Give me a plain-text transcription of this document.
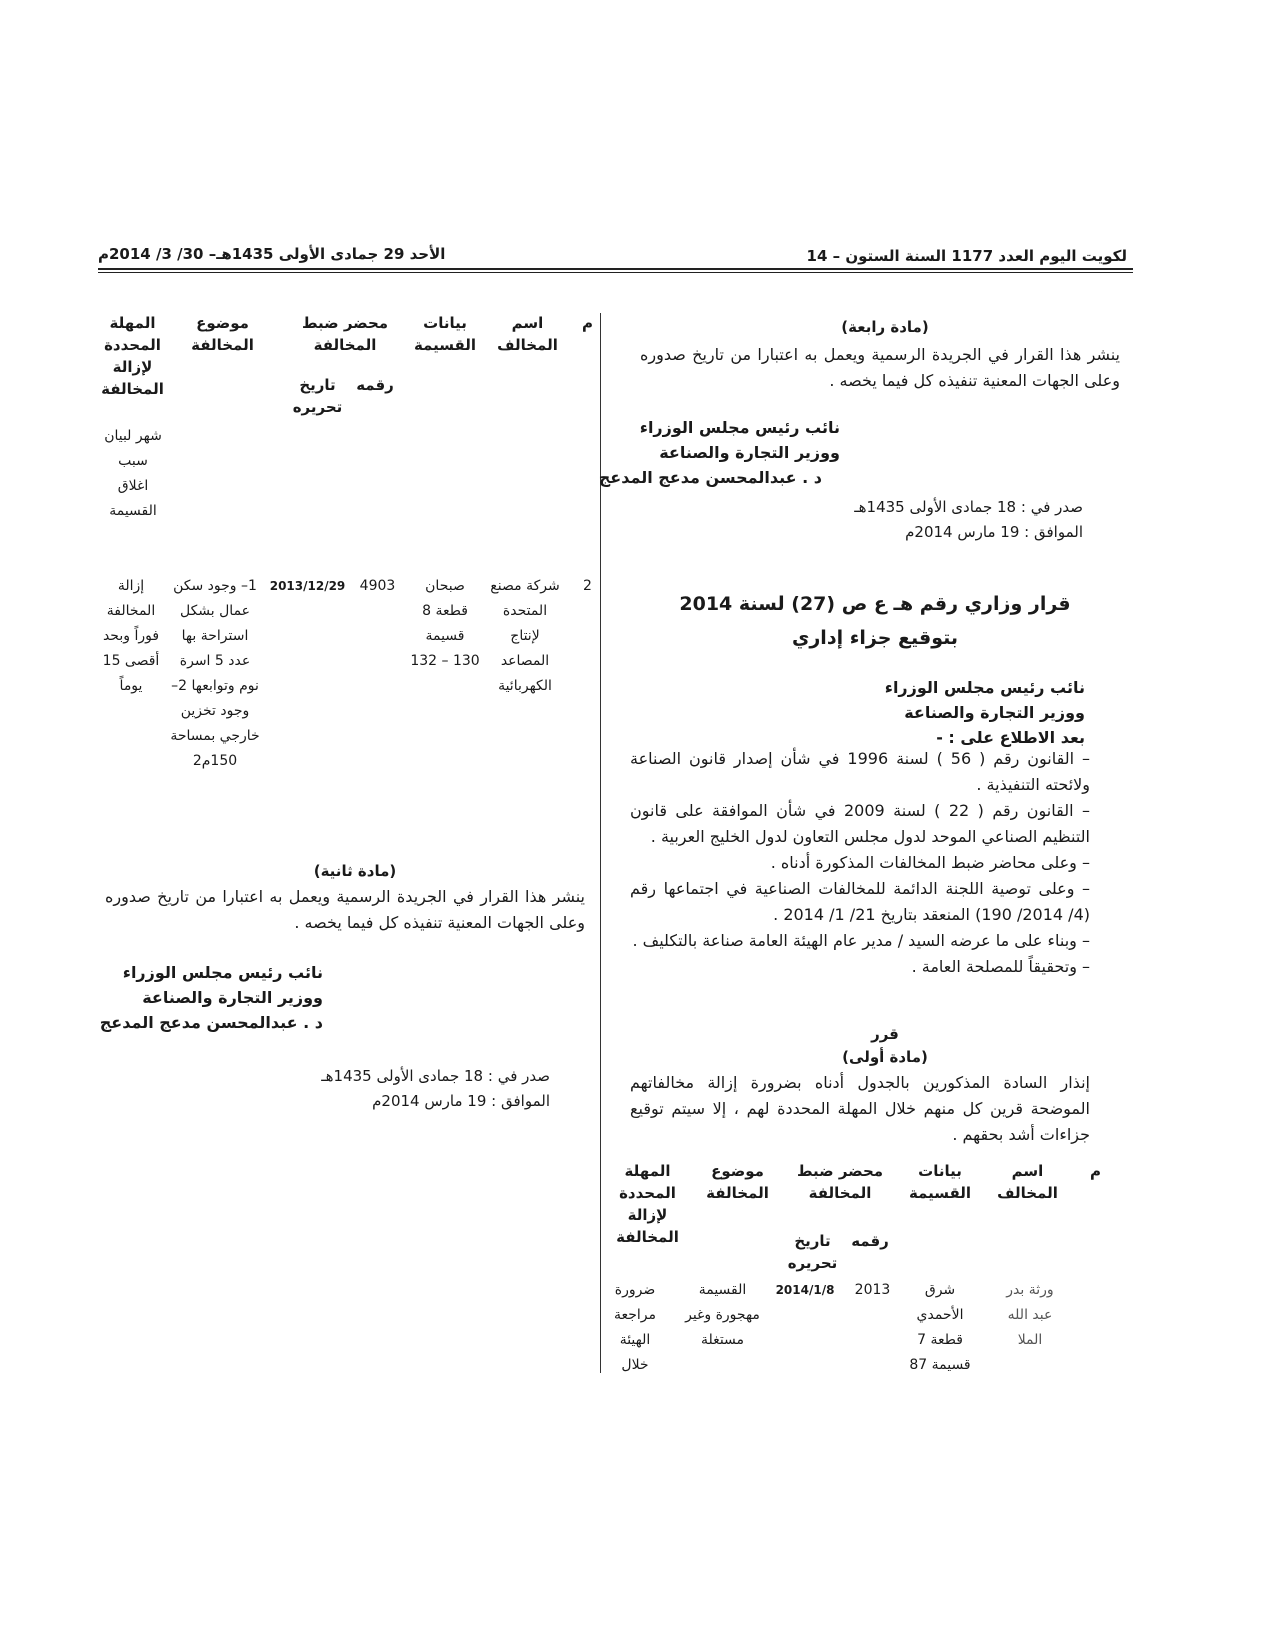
لكويت اليوم العدد 1177 السنة الستون – 14
الأحد 29 جمادى الأولى 1435هـ– 30/ 3/ 2014م
(مادة رابعة)
ينشر هذا القرار في الجريدة الرسمية ويعمل به اعتبارا من تاريخ صدوره وعلى الجهات المعنية تنفيذه كل فيما يخصه .
نائب رئيس مجلس الوزراء
ووزير التجارة والصناعة
د . عبدالمحسن مدعج المدعج
صدر في : 18 جمادى الأولى 1435هـ
الموافق : 19 مارس 2014م
قرار وزاري رقم هـ ع ص (27) لسنة 2014
بتوقيع جزاء إداري
نائب رئيس مجلس الوزراء
ووزير التجارة والصناعة
بعد الاطلاع على : -
– القانون رقم ( 56 ) لسنة 1996 في شأن إصدار قانون الصناعة ولائحته التنفيذية .
– القانون رقم ( 22 ) لسنة 2009 في شأن الموافقة على قانون التنظيم الصناعي الموحد لدول مجلس التعاون لدول الخليج العربية .
– وعلى محاضر ضبط المخالفات المذكورة أدناه .
– وعلى توصية اللجنة الدائمة للمخالفات الصناعية في اجتماعها رقم (4/ 2014/ 190) المنعقد بتاريخ 21/ 1/ 2014 .
– وبناء على ما عرضه السيد / مدير عام الهيئة العامة صناعة بالتكليف .
– وتحقيقاً للمصلحة العامة .
قرر
(مادة أولى)
إنذار السادة المذكورين بالجدول أدناه بضرورة إزالة مخالفاتهم الموضحة قرين كل منهم خلال المهلة المحددة لهم ، إلا سيتم توقيع جزاءات أشد بحقهم .
م
اسم المخالف
بيانات القسيمة
محضر ضبط المخالفة
موضوع المخالفة
المهلة المحددة لإزالة المخالفة	رقمه
تاريخ تحريره
ورثة بدر عبد الله الملا
شرق الأحمدي قطعة 7 قسيمة 87
2013
2014/1/8
القسيمة مهجورة وغير مستغلة
ضرورة مراجعة الهيئة خلال
م
اسم المخالف
بيانات القسيمة
محضر ضبط المخالفة
موضوع المخالفة
المهلة المحددة لإزالة المخالفة	رقمه
تاريخ تحريره
شهر لبيان سبب اغلاق القسيمة
2
شركة مصنع المتحدة لإنتاج المصاعد الكهربائية
صبحان قطعة 8 قسيمة 130 – 132
4903
2013/12/29
1– وجود سكن عمال بشكل استراحة بها عدد 5 اسرة نوم وتوابعها 2– وجود تخزين خارجي بمساحة 150م2
إزالة المخالفة فوراً وبحد أقصى 15 يوماً
(مادة ثانية)
ينشر هذا القرار في الجريدة الرسمية ويعمل به اعتبارا من تاريخ صدوره وعلى الجهات المعنية تنفيذه كل فيما يخصه .
نائب رئيس مجلس الوزراء
ووزير التجارة والصناعة
د . عبدالمحسن مدعج المدعج
صدر في : 18 جمادى الأولى 1435هـ
الموافق : 19 مارس 2014م
